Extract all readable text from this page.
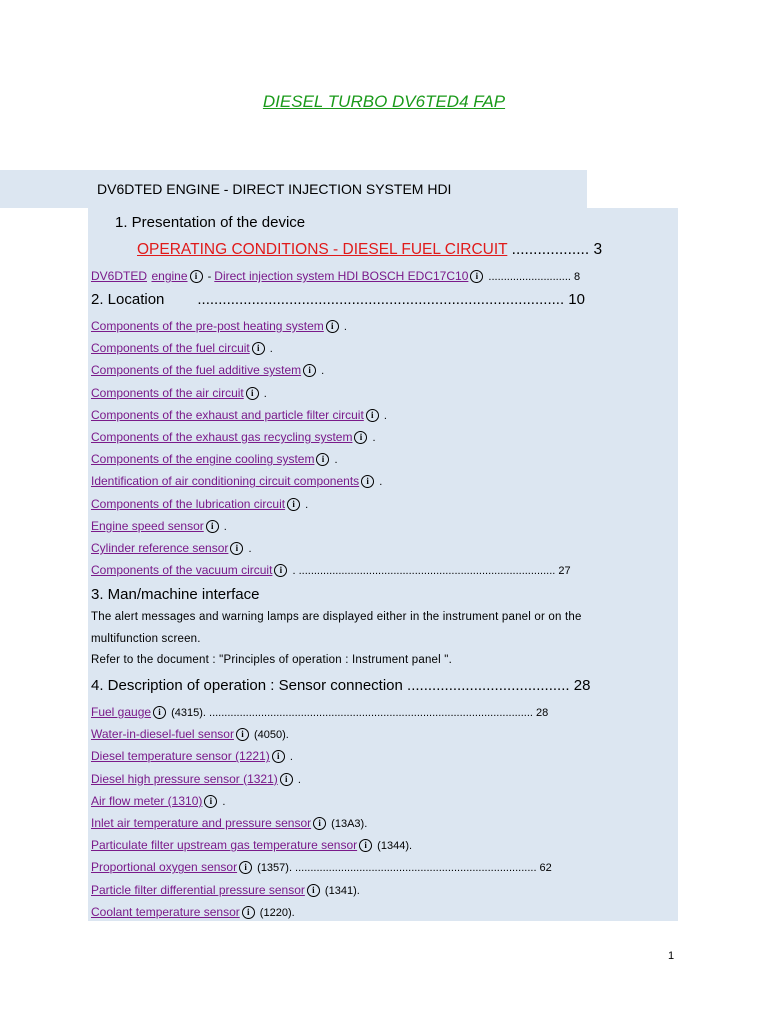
DIESEL TURBO DV6TED4 FAP
DV6DTED ENGINE - DIRECT INJECTION SYSTEM HDI
1. Presentation of the device
OPERATING CONDITIONS - DIESEL FUEL CIRCUIT .................. 3
DV6DTED engine i - Direct injection system HDI BOSCH EDC17C10 i ........................... 8
2. Location ........................................................................................ 10
Components of the pre-post heating system i .
Components of the fuel circuit i .
Components of the fuel additive system i .
Components of the air circuit i .
Components of the exhaust and particle filter circuit i .
Components of the exhaust gas recycling system i .
Components of the engine cooling system i .
Identification of air conditioning circuit components i .
Components of the lubrication circuit i .
Engine speed sensor i .
Cylinder reference sensor i .
Components of the vacuum circuit i . .................................................................................... 27
3. Man/machine interface
The alert messages and warning lamps are displayed either in the instrument panel or on the
multifunction screen.
Refer to the document : "Principles of operation : Instrument panel ".
4. Description of operation : Sensor connection ....................................... 28
Fuel gauge i (4315). .......................................................................................................... 28
Water-in-diesel-fuel sensor i (4050).
Diesel temperature sensor (1221) i .
Diesel high pressure sensor (1321) i .
Air flow meter (1310) i .
Inlet air temperature and pressure sensor i (13A3).
Particulate filter upstream gas temperature sensor i (1344).
Proportional oxygen sensor i (1357). ............................................................................... 62
Particle filter differential pressure sensor i (1341).
Coolant temperature sensor i (1220).
1
